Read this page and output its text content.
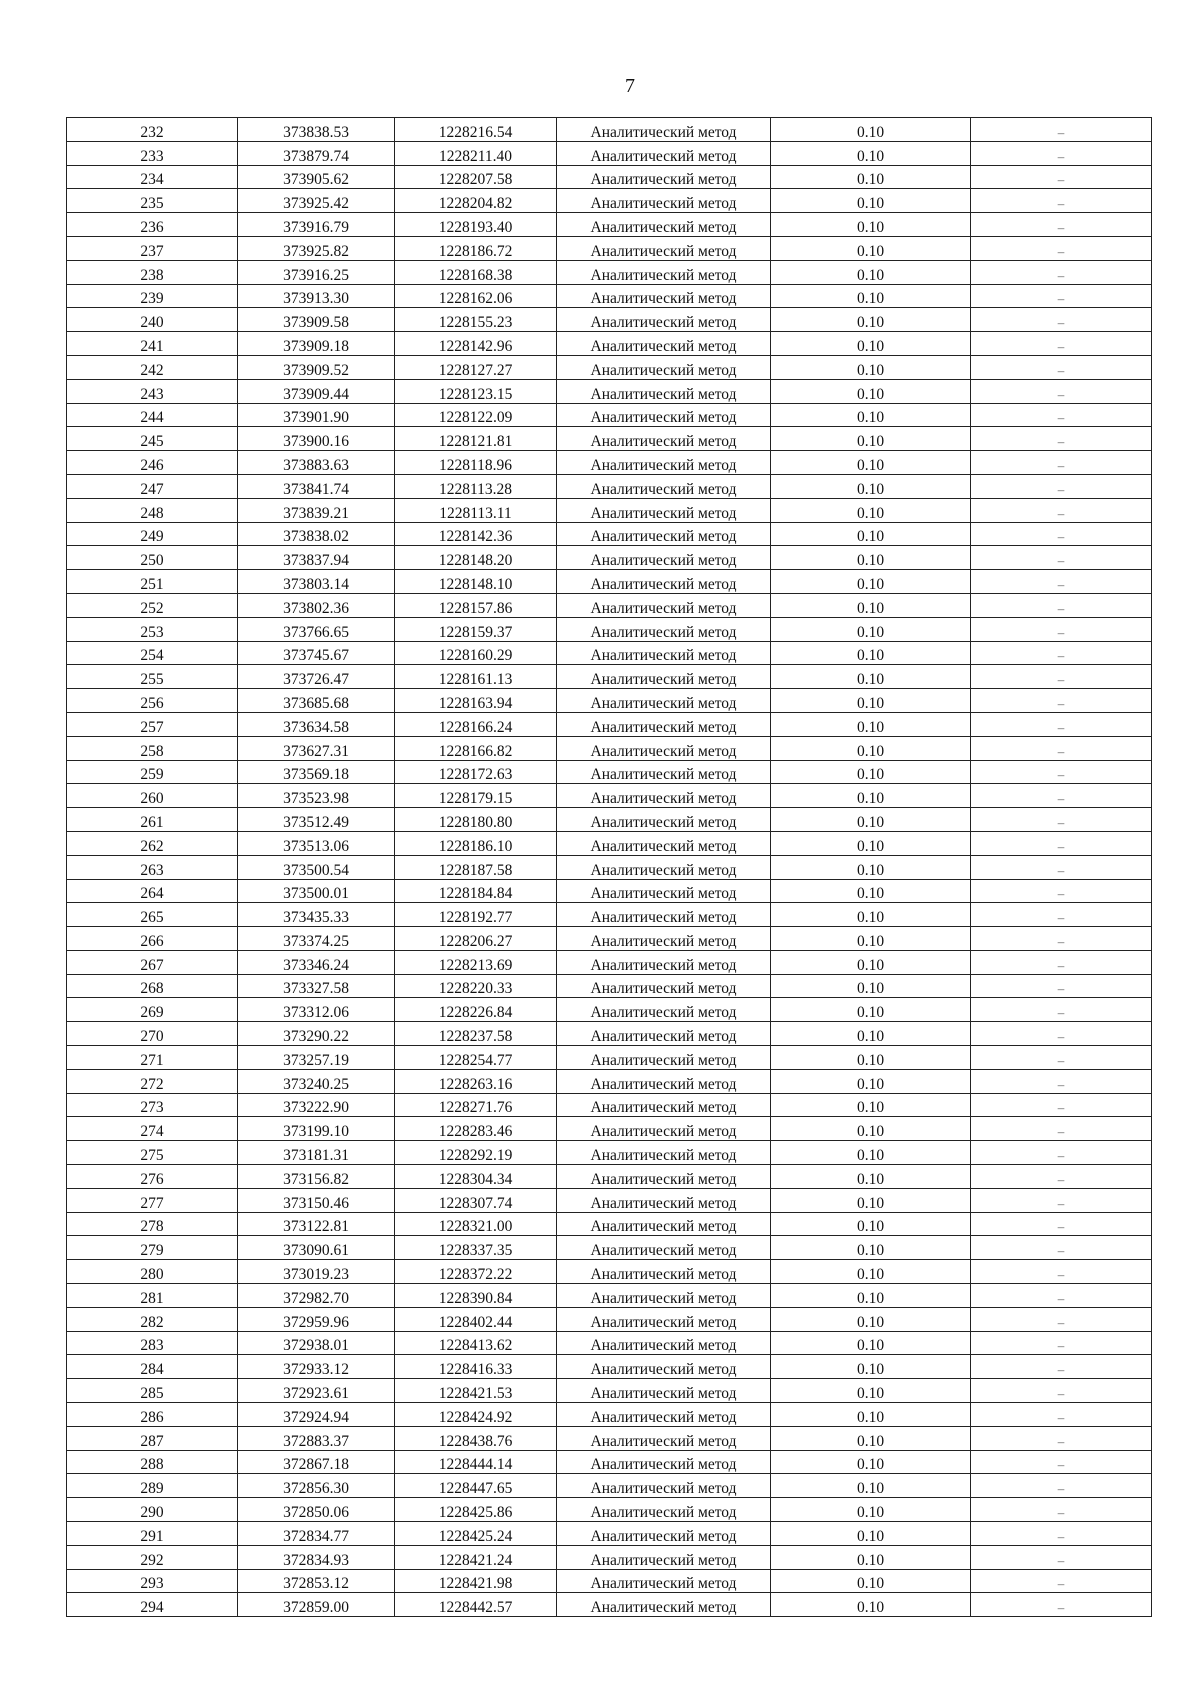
7
232	373838.53	1228216.54	Аналитический метод	0.10	–
233	373879.74	1228211.40	Аналитический метод	0.10	–
234	373905.62	1228207.58	Аналитический метод	0.10	–
235	373925.42	1228204.82	Аналитический метод	0.10	–
236	373916.79	1228193.40	Аналитический метод	0.10	–
237	373925.82	1228186.72	Аналитический метод	0.10	–
238	373916.25	1228168.38	Аналитический метод	0.10	–
239	373913.30	1228162.06	Аналитический метод	0.10	–
240	373909.58	1228155.23	Аналитический метод	0.10	–
241	373909.18	1228142.96	Аналитический метод	0.10	–
242	373909.52	1228127.27	Аналитический метод	0.10	–
243	373909.44	1228123.15	Аналитический метод	0.10	–
244	373901.90	1228122.09	Аналитический метод	0.10	–
245	373900.16	1228121.81	Аналитический метод	0.10	–
246	373883.63	1228118.96	Аналитический метод	0.10	–
247	373841.74	1228113.28	Аналитический метод	0.10	–
248	373839.21	1228113.11	Аналитический метод	0.10	–
249	373838.02	1228142.36	Аналитический метод	0.10	–
250	373837.94	1228148.20	Аналитический метод	0.10	–
251	373803.14	1228148.10	Аналитический метод	0.10	–
252	373802.36	1228157.86	Аналитический метод	0.10	–
253	373766.65	1228159.37	Аналитический метод	0.10	–
254	373745.67	1228160.29	Аналитический метод	0.10	–
255	373726.47	1228161.13	Аналитический метод	0.10	–
256	373685.68	1228163.94	Аналитический метод	0.10	–
257	373634.58	1228166.24	Аналитический метод	0.10	–
258	373627.31	1228166.82	Аналитический метод	0.10	–
259	373569.18	1228172.63	Аналитический метод	0.10	–
260	373523.98	1228179.15	Аналитический метод	0.10	–
261	373512.49	1228180.80	Аналитический метод	0.10	–
262	373513.06	1228186.10	Аналитический метод	0.10	–
263	373500.54	1228187.58	Аналитический метод	0.10	–
264	373500.01	1228184.84	Аналитический метод	0.10	–
265	373435.33	1228192.77	Аналитический метод	0.10	–
266	373374.25	1228206.27	Аналитический метод	0.10	–
267	373346.24	1228213.69	Аналитический метод	0.10	–
268	373327.58	1228220.33	Аналитический метод	0.10	–
269	373312.06	1228226.84	Аналитический метод	0.10	–
270	373290.22	1228237.58	Аналитический метод	0.10	–
271	373257.19	1228254.77	Аналитический метод	0.10	–
272	373240.25	1228263.16	Аналитический метод	0.10	–
273	373222.90	1228271.76	Аналитический метод	0.10	–
274	373199.10	1228283.46	Аналитический метод	0.10	–
275	373181.31	1228292.19	Аналитический метод	0.10	–
276	373156.82	1228304.34	Аналитический метод	0.10	–
277	373150.46	1228307.74	Аналитический метод	0.10	–
278	373122.81	1228321.00	Аналитический метод	0.10	–
279	373090.61	1228337.35	Аналитический метод	0.10	–
280	373019.23	1228372.22	Аналитический метод	0.10	–
281	372982.70	1228390.84	Аналитический метод	0.10	–
282	372959.96	1228402.44	Аналитический метод	0.10	–
283	372938.01	1228413.62	Аналитический метод	0.10	–
284	372933.12	1228416.33	Аналитический метод	0.10	–
285	372923.61	1228421.53	Аналитический метод	0.10	–
286	372924.94	1228424.92	Аналитический метод	0.10	–
287	372883.37	1228438.76	Аналитический метод	0.10	–
288	372867.18	1228444.14	Аналитический метод	0.10	–
289	372856.30	1228447.65	Аналитический метод	0.10	–
290	372850.06	1228425.86	Аналитический метод	0.10	–
291	372834.77	1228425.24	Аналитический метод	0.10	–
292	372834.93	1228421.24	Аналитический метод	0.10	–
293	372853.12	1228421.98	Аналитический метод	0.10	–
294	372859.00	1228442.57	Аналитический метод	0.10	–
